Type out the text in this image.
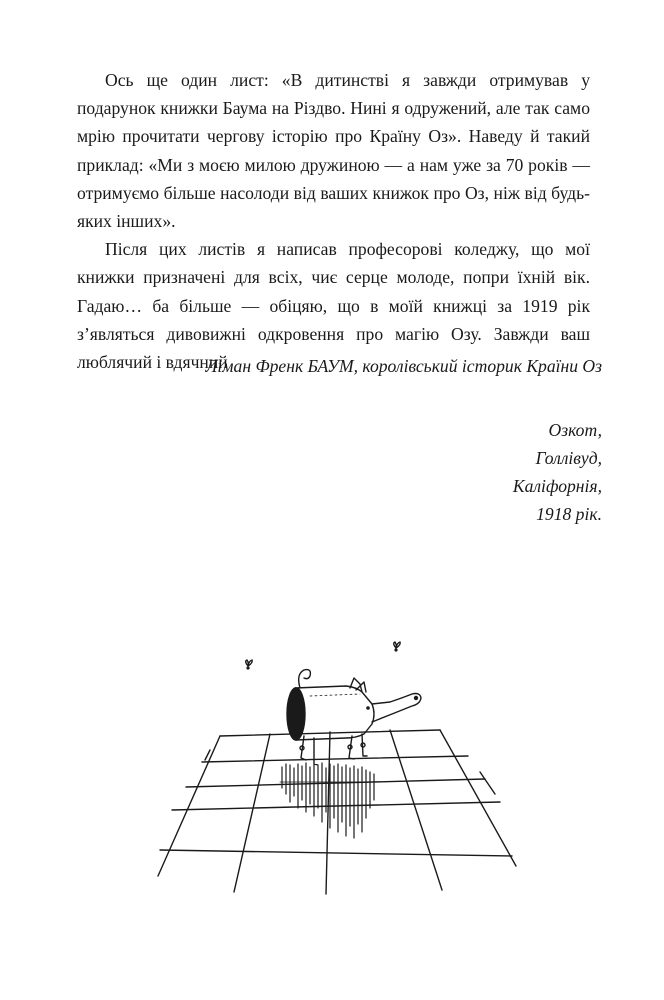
Ось ще один лист: «В дитинстві я завжди отримував у подарунок книжки Баума на Різдво. Нині я одружений, але так само мрію прочитати чергову історію про Країну Оз». Наведу й такий приклад: «Ми з моєю милою дружиною — а нам уже за 70 років — отримуємо більше насолоди від ваших книжок про Оз, ніж від будь-яких інших».

Після цих листів я написав професорові коледжу, що мої книжки призначені для всіх, чиє серце молоде, попри їхній вік. Гадаю… ба більше — обіцяю, що в моїй книжці за 1919 рік з’являться дивовижні одкровення про магію Озу. Завжди ваш люблячий і вдячний

Ліман Френк БАУМ, королівський історик Країни Оз
Озкот,
Голлівуд,
Каліфорнія,
1918 рік.
